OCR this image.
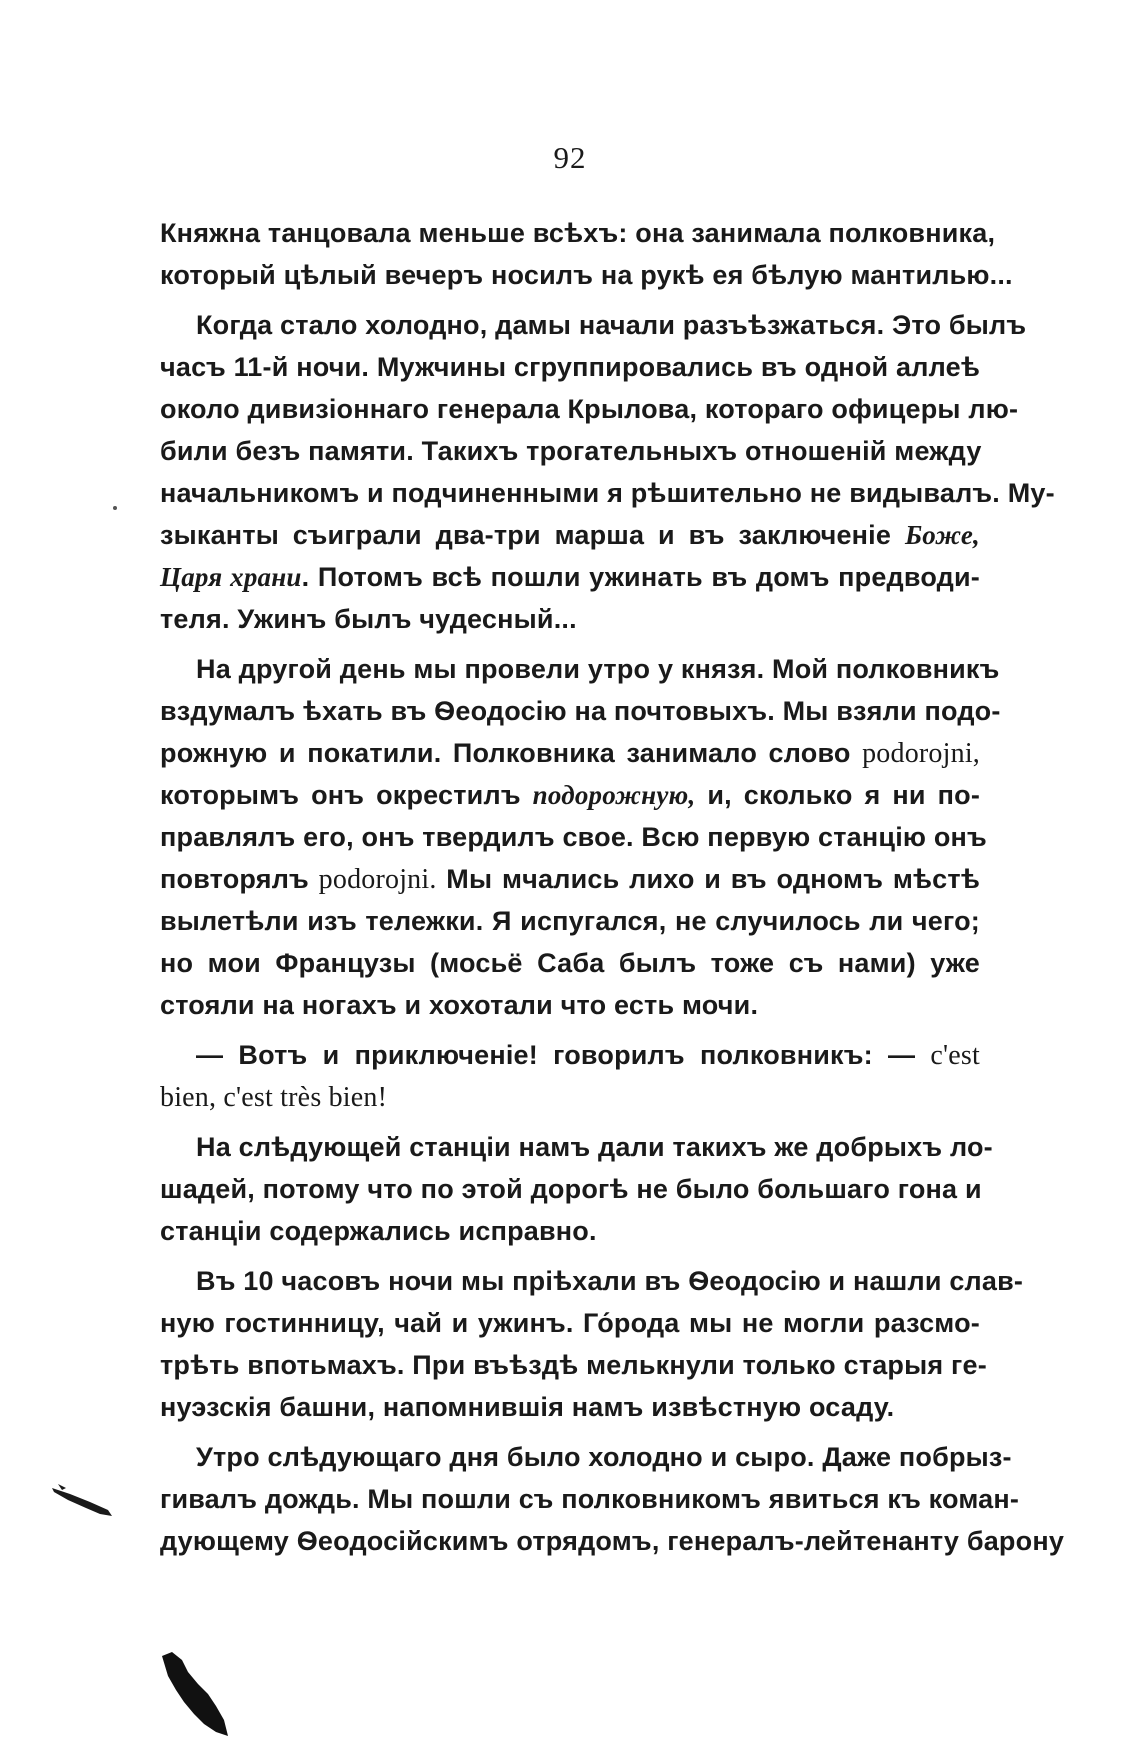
92
Княжна танцовала меньше всѣхъ: она занимала полковника,
который цѣлый вечеръ носилъ на рукѣ ея бѣлую мантилью...
Когда стало холодно, дамы начали разъѣзжаться. Это былъ
часъ 11-й ночи. Мужчины сгруппировались въ одной аллеѣ
около дивизіоннаго генерала Крылова, котораго офицеры лю-
били безъ памяти. Такихъ трогательныхъ отношеній между
начальникомъ и подчиненными я рѣшительно не видывалъ. Му-
зыканты съиграли два-три марша и въ заключеніе Боже,
Царя храни. Потомъ всѣ пошли ужинать въ домъ предводи-
теля. Ужинъ былъ чудесный...
На другой день мы провели утро у князя. Мой полковникъ
вздумалъ ѣхать въ Ѳеодосію на почтовыхъ. Мы взяли подо-
рожную и покатили. Полковника занимало слово podorojni,
которымъ онъ окрестилъ подорожную, и, сколько я ни по-
правлялъ его, онъ твердилъ свое. Всю первую станцію онъ
повторялъ podorojni. Мы мчались лихо и въ одномъ мѣстѣ
вылетѣли изъ тележки. Я испугался, не случилось ли чего;
но мои Французы (мосьё Саба былъ тоже съ нами) уже
стояли на ногахъ и хохотали что есть мочи.
— Вотъ и приключеніе! говорилъ полковникъ: — c'est
bien, c'est très bien!
На слѣдующей станціи намъ дали такихъ же добрыхъ ло-
шадей, потому что по этой дорогѣ не было большаго гона и
станціи содержались исправно.
Въ 10 часовъ ночи мы пріѣхали въ Ѳеодосію и нашли слав-
ную гостинницу, чай и ужинъ. Го́рода мы не могли разсмо-
трѣть впотьмахъ. При въѣздѣ мелькнули только старыя ге-
нуэзскія башни, напомнившія намъ извѣстную осаду.
Утро слѣдующаго дня было холодно и сыро. Даже побрыз-
гивалъ дождь. Мы пошли съ полковникомъ явиться къ коман-
дующему Ѳеодосійскимъ отрядомъ, генералъ-лейтенанту барону
